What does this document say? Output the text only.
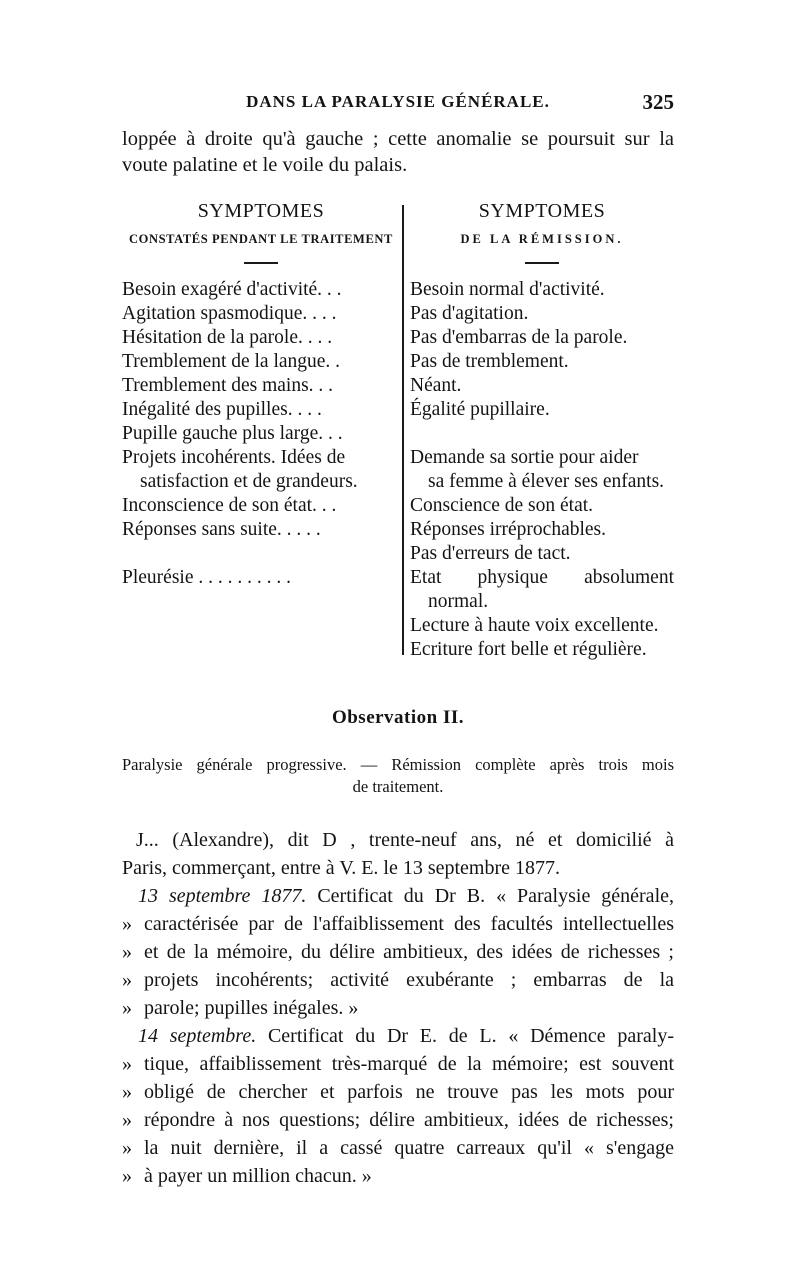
DANS LA PARALYSIE GÉNÉRALE.	325
loppée à droite qu'à gauche ; cette anomalie se poursuit sur la
voute palatine et le voile du palais.
SYMPTOMES
CONSTATÉS PENDANT LE TRAITEMENT
Besoin exagéré d'activité. . .
Agitation spasmodique. . . .
Hésitation de la parole. . . .
Tremblement de la langue. .
Tremblement des mains. . .
Inégalité des pupilles. . . .
Pupille gauche plus large. . .
Projets incohérents. Idées de
satisfaction et de grandeurs.
Inconscience de son état. . .
Réponses sans suite. . . . .
Pleurésie . . . . . . . . . .
SYMPTOMES
DE LA RÉMISSION.
Besoin normal d'activité.
Pas d'agitation.
Pas d'embarras de la parole.
Pas de tremblement.
Néant.
Égalité pupillaire.
Demande sa sortie pour aider
sa femme à élever ses enfants.
Conscience de son état.
Réponses irréprochables.
Pas d'erreurs de tact.
Etat physique absolument
normal.
Lecture à haute voix excellente.
Ecriture fort belle et régulière.
Observation II.
Paralysie générale progressive. — Rémission complète après trois mois
de traitement.
J... (Alexandre), dit D , trente-neuf ans, né et domicilié à
Paris, commerçant, entre à V. E. le 13 septembre 1877.
13 septembre 1877. Certificat du Dr B. « Paralysie générale,
» caractérisée par de l'affaiblissement des facultés intellectuelles
» et de la mémoire, du délire ambitieux, des idées de richesses ;
» projets incohérents; activité exubérante ; embarras de la
» parole; pupilles inégales. »
14 septembre. Certificat du Dr E. de L. « Démence paraly-
» tique, affaiblissement très-marqué de la mémoire; est souvent
» obligé de chercher et parfois ne trouve pas les mots pour
» répondre à nos questions; délire ambitieux, idées de richesses;
» la nuit dernière, il a cassé quatre carreaux qu'il « s'engage
» à payer un million chacun. »
